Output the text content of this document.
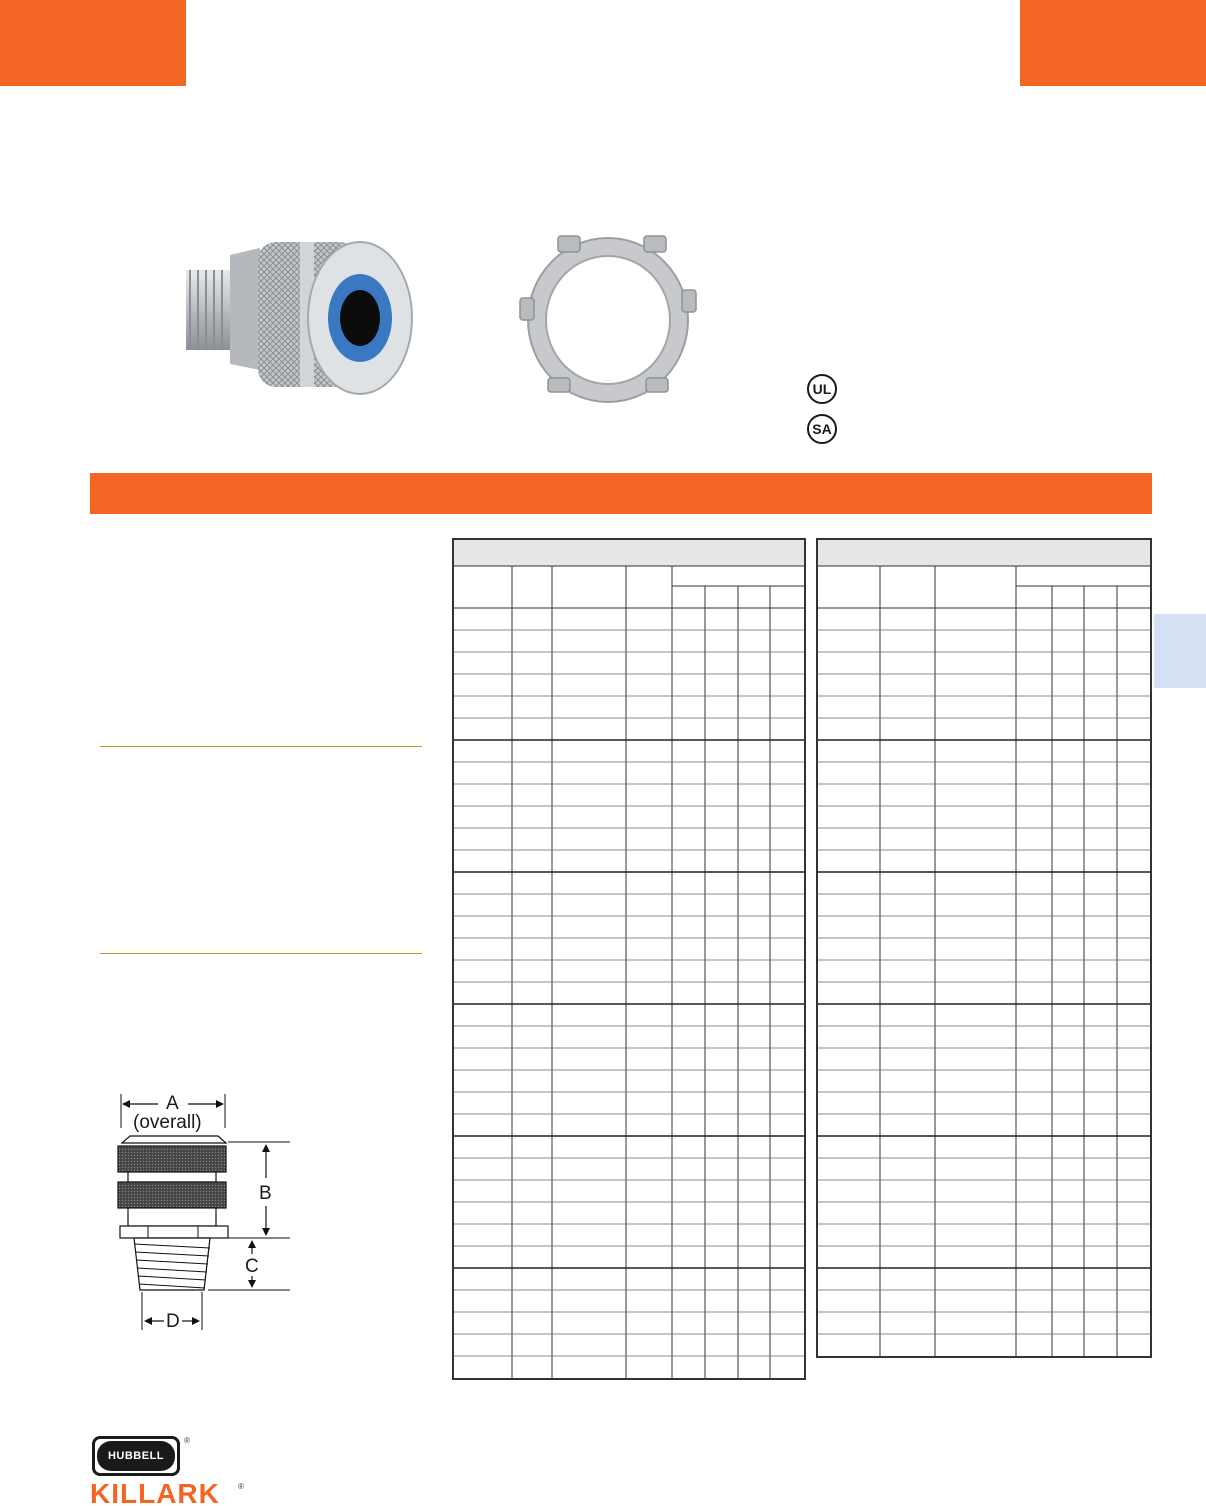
UL
SA
A
(overall)
B
C
D
HUBBELL
®
KILLARK ®
